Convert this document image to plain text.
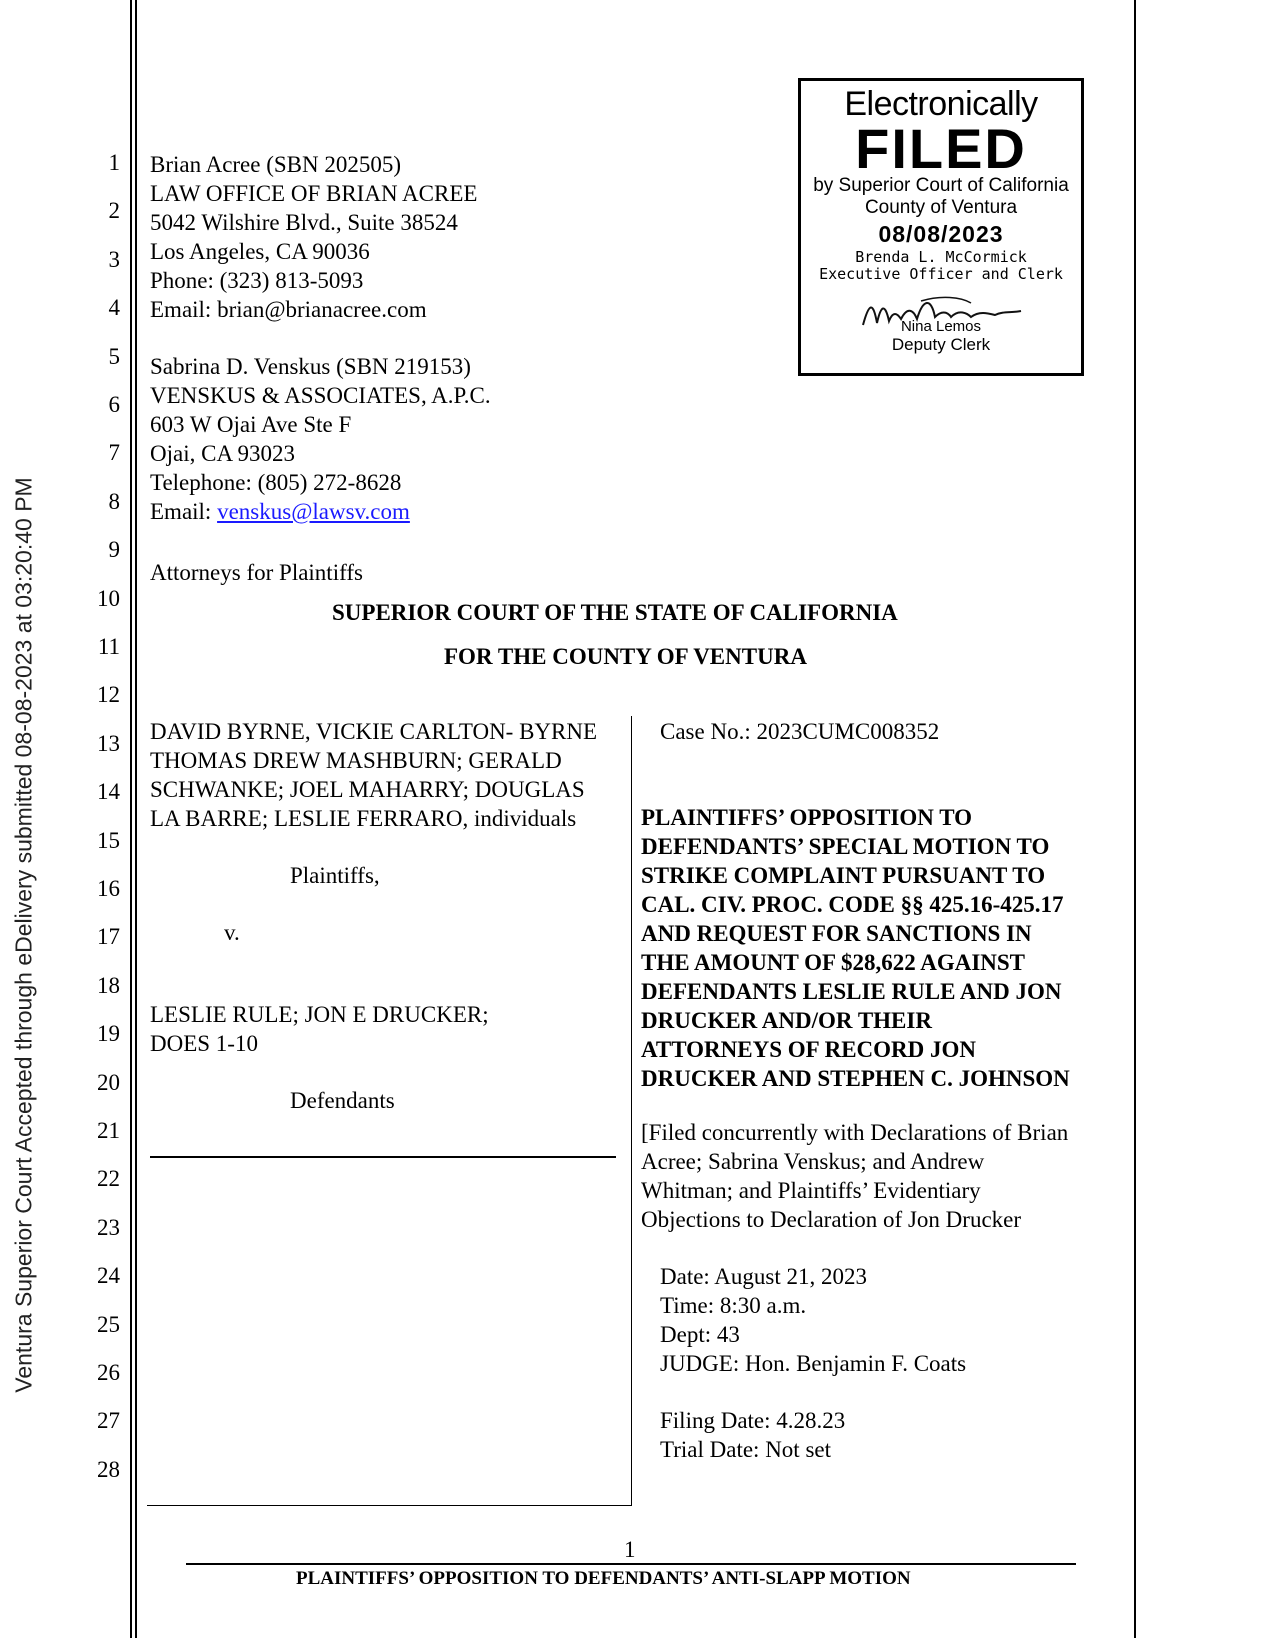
Ventura Superior Court Accepted through eDelivery submitted 08-08-2023 at 03:20:40 PM
1
2
3
4
5
6
7
8
9
10
11
12
13
14
15
16
17
18
19
20
21
22
23
24
25
26
27
28
Electronically
FILED
by Superior Court of California
County of Ventura
08/08/2023
Brenda L. McCormick
Executive Officer and Clerk
Nina Lemos
Deputy Clerk
Brian Acree (SBN 202505)
LAW OFFICE OF BRIAN ACREE
5042 Wilshire Blvd., Suite 38524
Los Angeles, CA 90036
Phone: (323) 813-5093
Email: brian@brianacree.com
Sabrina D. Venskus (SBN 219153)
VENSKUS & ASSOCIATES, A.P.C.
603 W Ojai Ave Ste F
Ojai, CA 93023
Telephone: (805) 272-8628
Email: venskus@lawsv.com
Attorneys for Plaintiffs
SUPERIOR COURT OF THE STATE OF CALIFORNIA
FOR THE COUNTY OF VENTURA
DAVID BYRNE, VICKIE CARLTON- BYRNE
THOMAS DREW MASHBURN; GERALD
SCHWANKE; JOEL MAHARRY; DOUGLAS
LA BARRE; LESLIE FERRARO, individuals
Plaintiffs,
v.
LESLIE RULE; JON E DRUCKER;
DOES 1-10
Defendants
Case No.: 2023CUMC008352
PLAINTIFFS’ OPPOSITION TO
DEFENDANTS’ SPECIAL MOTION TO
STRIKE COMPLAINT PURSUANT TO
CAL. CIV. PROC. CODE §§ 425.16-425.17
AND REQUEST FOR SANCTIONS IN
THE AMOUNT OF $28,622 AGAINST
DEFENDANTS LESLIE RULE AND JON
DRUCKER AND/OR THEIR
ATTORNEYS OF RECORD JON
DRUCKER AND STEPHEN C. JOHNSON
[Filed concurrently with Declarations of Brian
Acree; Sabrina Venskus; and Andrew
Whitman; and Plaintiffs’ Evidentiary
Objections to Declaration of Jon Drucker
Date: August 21, 2023
Time: 8:30 a.m.
Dept: 43
JUDGE: Hon. Benjamin F. Coats
Filing Date: 4.28.23
Trial Date: Not set
1
PLAINTIFFS’ OPPOSITION TO DEFENDANTS’ ANTI-SLAPP MOTION
